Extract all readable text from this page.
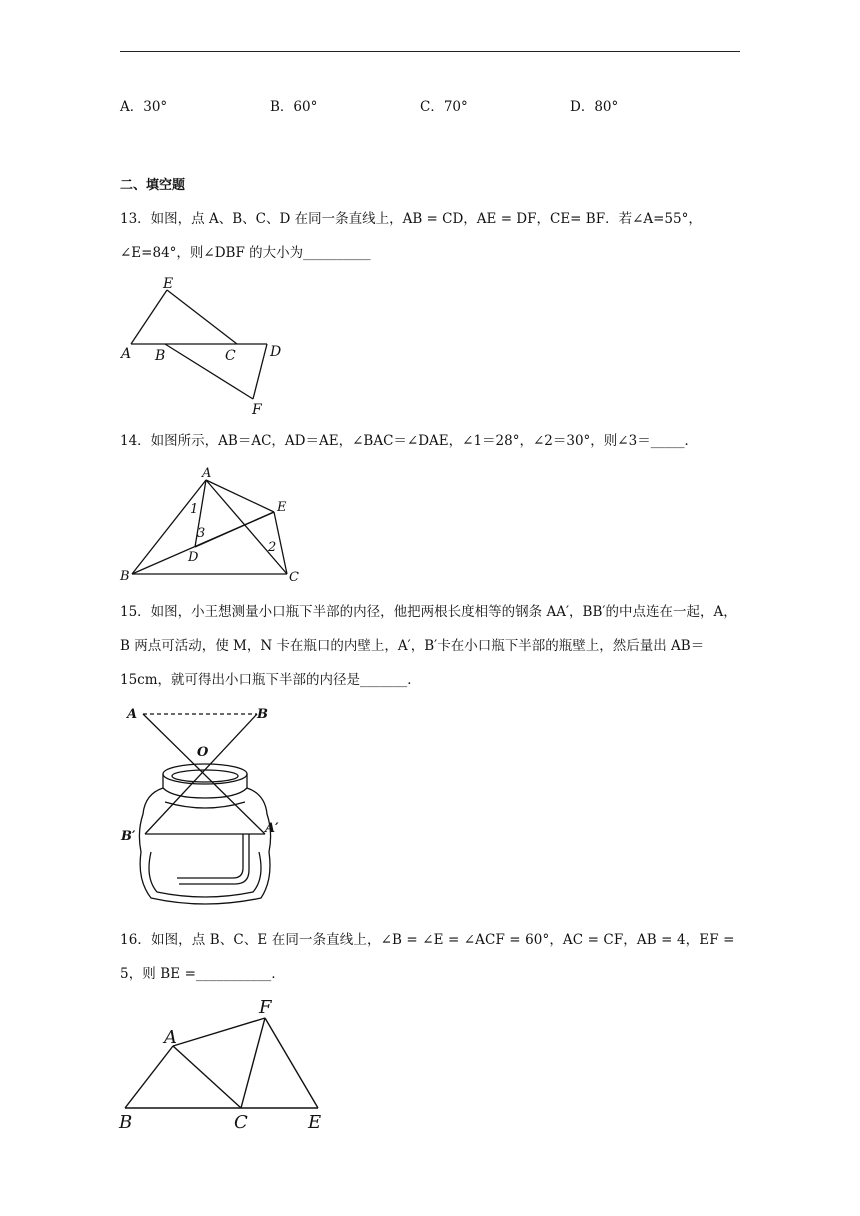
A．30°	B．60°	C．70°	D．80°
二、填空题
13．如图，点 A、B、C、D 在同一条直线上，AB = CD，AE = DF，CE= BF．若∠A=55°，∠E=84°，则∠DBF 的大小为__________
E
A B	C D
F
14．如图所示，AB＝AC，AD＝AE，∠BAC＝∠DAE，∠1＝28°，∠2＝30°，则∠3＝_____．
A
E
1
3
D
2
B	C
15．如图，小王想测量小口瓶下半部的内径，他把两根长度相等的钢条 AA′，BB′的中点连在一起，A，B 两点可活动，使 M，N 卡在瓶口的内壁上，A′，B′卡在小口瓶下半部的瓶壁上，然后量出 AB＝15cm，就可得出小口瓶下半部的内径是_______．
A	B
O
B′
A′
16．如图，点 B、C、E 在同一条直线上，∠B = ∠E = ∠ACF = 60°，AC = CF，AB = 4，EF = 5，则 BE =___________．
F
A
B	C	E
